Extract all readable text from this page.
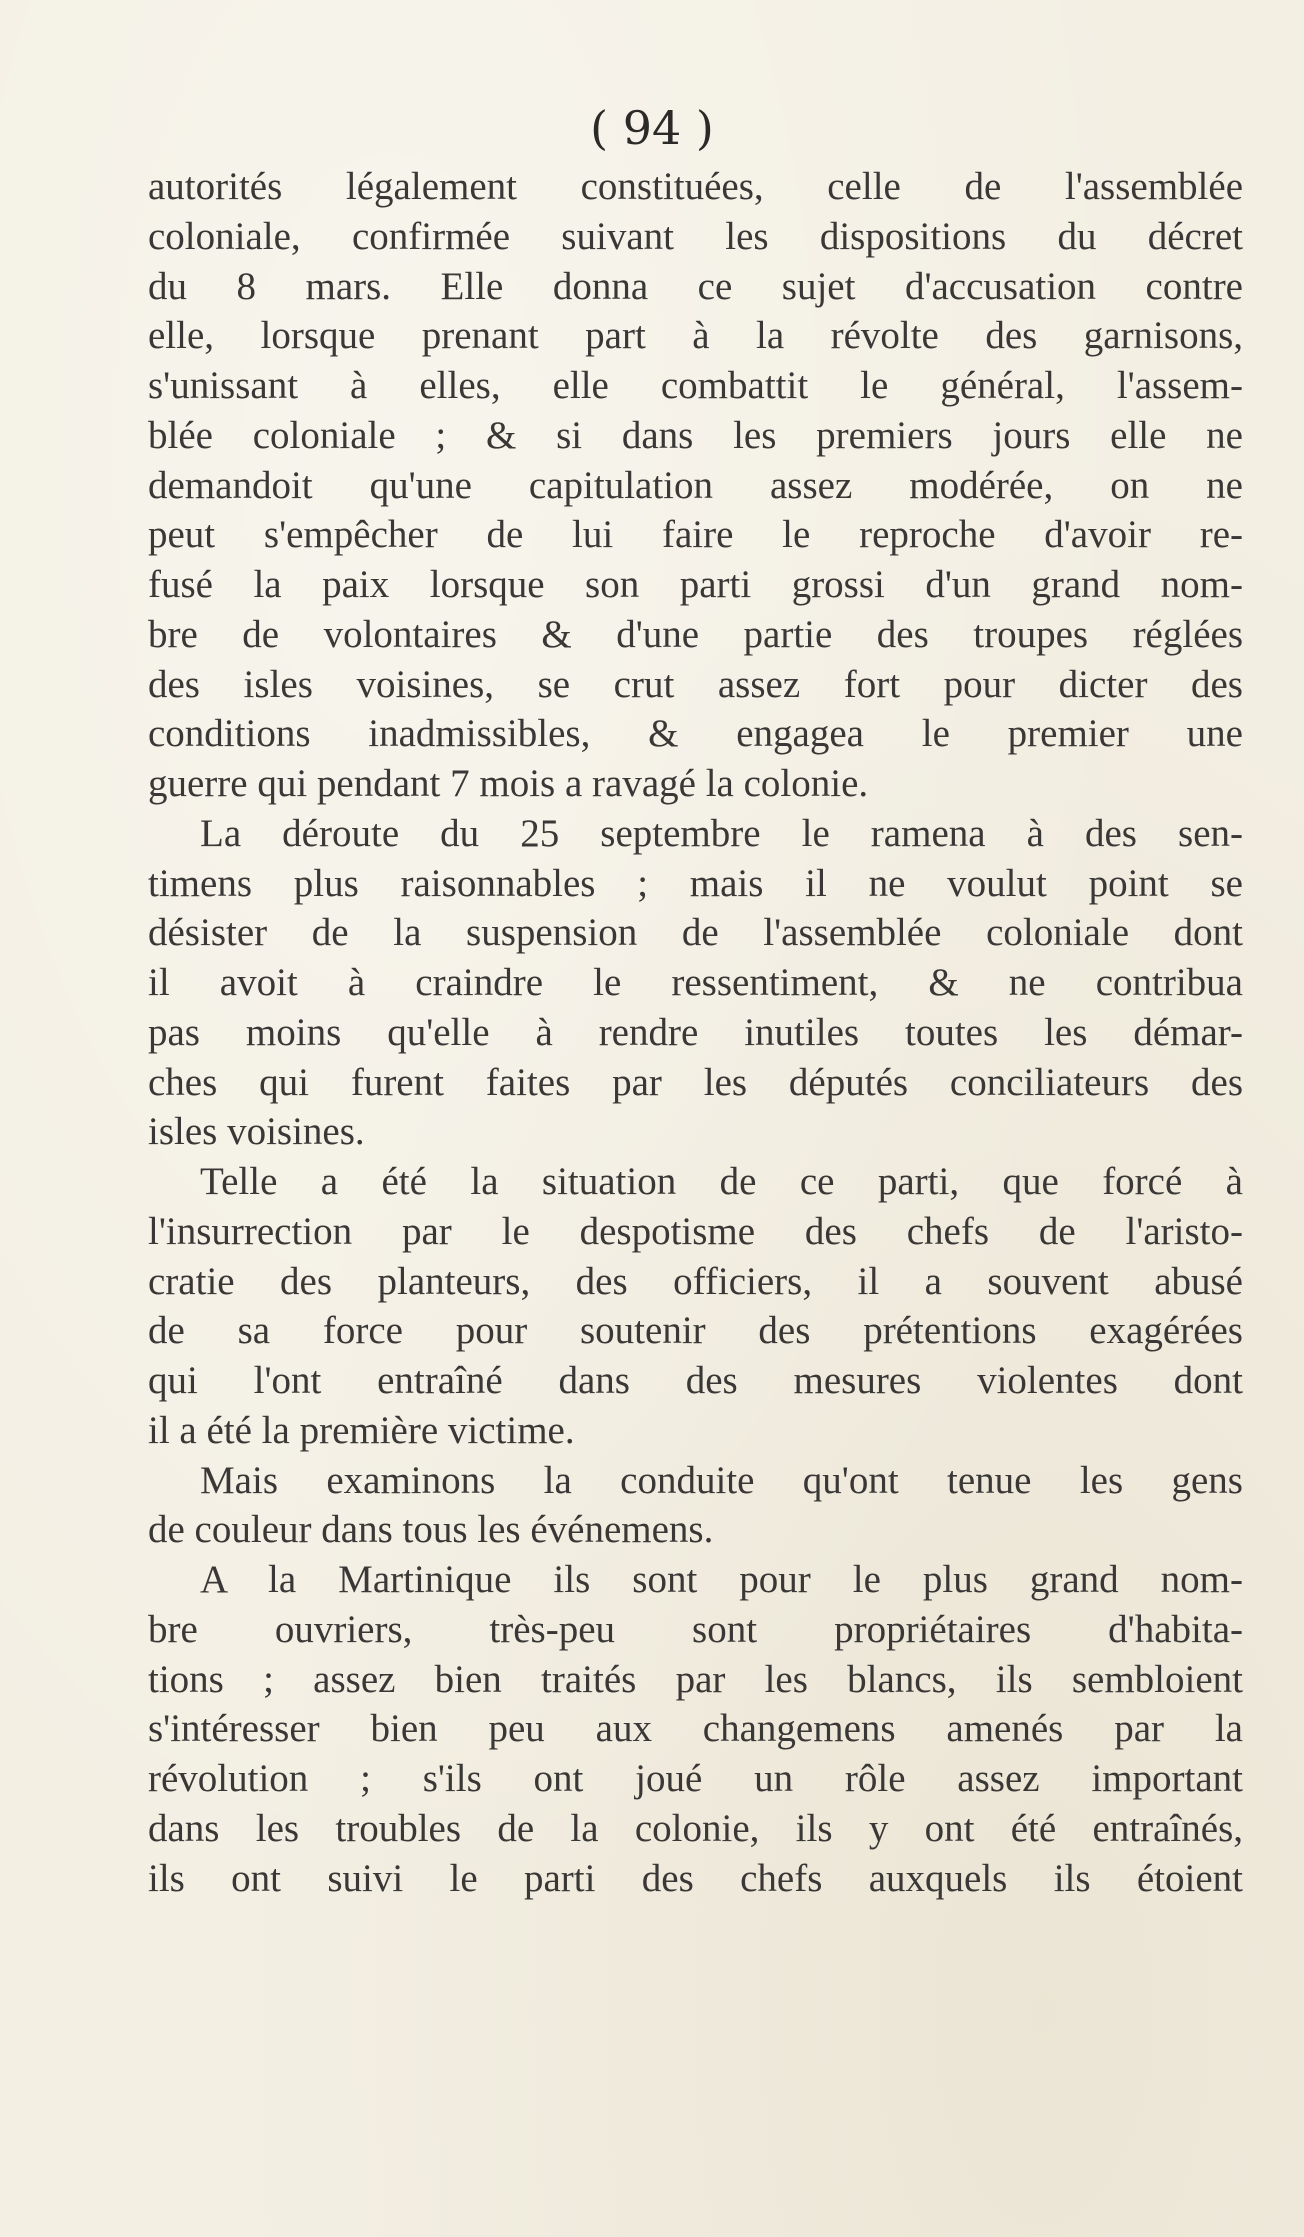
( 94 )
autorités légalement constituées, celle de l'assemblée
coloniale, confirmée suivant les dispositions du décret
du 8 mars. Elle donna ce sujet d'accusation contre
elle, lorsque prenant part à la révolte des garnisons,
s'unissant à elles, elle combattit le général, l'assem-
blée coloniale ; & si dans les premiers jours elle ne
demandoit qu'une capitulation assez modérée, on ne
peut s'empêcher de lui faire le reproche d'avoir re-
fusé la paix lorsque son parti grossi d'un grand nom-
bre de volontaires & d'une partie des troupes réglées
des isles voisines, se crut assez fort pour dicter des
conditions inadmissibles, & engagea le premier une
guerre qui pendant 7 mois a ravagé la colonie.
La déroute du 25 septembre le ramena à des sen-
timens plus raisonnables ; mais il ne voulut point se
désister de la suspension de l'assemblée coloniale dont
il avoit à craindre le ressentiment, & ne contribua
pas moins qu'elle à rendre inutiles toutes les démar-
ches qui furent faites par les députés conciliateurs des
isles voisines.
Telle a été la situation de ce parti, que forcé à
l'insurrection par le despotisme des chefs de l'aristo-
cratie des planteurs, des officiers, il a souvent abusé
de sa force pour soutenir des prétentions exagérées
qui l'ont entraîné dans des mesures violentes dont
il a été la première victime.
Mais examinons la conduite qu'ont tenue les gens
de couleur dans tous les événemens.
A la Martinique ils sont pour le plus grand nom-
bre ouvriers, très-peu sont propriétaires d'habita-
tions ; assez bien traités par les blancs, ils sembloient
s'intéresser bien peu aux changemens amenés par la
révolution ; s'ils ont joué un rôle assez important
dans les troubles de la colonie, ils y ont été entraînés,
ils ont suivi le parti des chefs auxquels ils étoient
